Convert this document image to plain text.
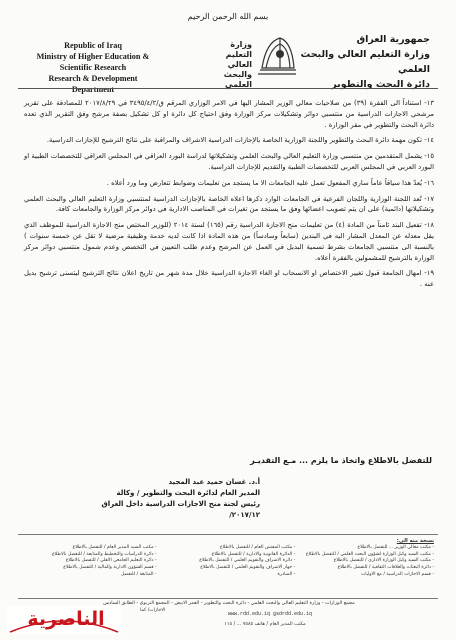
بسم الله الرحمن الرحيم
Republic of Iraq
Ministry of Higher Education &
Scientific Research
Research & Development
Department
جمهورية العراق
وزارة التعليم العالي والبحث العلمي
دائرة البحث والتطوير
وزارة
التعليم العالي
والبحث العلمي

١٣- استناداً الى الفقرة (٣٩) من صلاحيات معالي الوزير المشار اليها في الامر الوزاري المرقم ق/٣٤٩٥/٤/٢ في ٢٠١٧/٨/٢٩ للمصادقة على تقرير مرشحي الاجازات الدراسية من منتسبي دوائر وتشكيلات مركز الوزارة وفق احتياج كل دائرة او كل تشكيل بصفة مرشح وفق التقرير الذي تعده دائرة البحث والتطوير في مقر الوزارة .

١٤- تكون مهمة دائرة البحث والتطوير واللجنة الوزارية الخاصة بالإجازات الدراسية الاشراف والمراقبة على نتائج الترشيح للإجازات الدراسية.

١٥- يشمل المتقدمين من منتسبي وزارة التعليم العالي والبحث العلمي وتشكيلاتها لدراسة البورد العراقي في المجلس العراقي للتخصصات الطبية او البورد العربي في المجلس العربي للتخصصات الطبية والتقديم للإجازات الدراسية.

١٦- يُعدّ هذا سياقاً عاماً ساري المفعول تعمل عليه الجامعات الا ما يستجد من تعليمات وضوابط تتعارض وما ورد أعلاه .

١٧- تُعد اللجنة الوزارية واللجان الفرعية في الجامعات الوارد ذكرها اعلاه الخاصة بالإجازات الدراسية لمنتسبي وزارة التعليم العالي والبحث العلمي وتشكيلاتها (دائمية) على ان يتم تصويب اعضائها وفق ما يستجد من تغيرات في المناصب الادارية في دوائر مركز الوزارة والجامعات كافة.

١٨- تفعيل البند ثامناً من المادة (٤) من تعليمات منح الاجازة الدراسية رقم (١٦٥) لسنة ٢٠١٤ (للوزير المختص منح الاجازة الدراسية للموظف الذي يقل معدله عن المعدل المشار اليه في البندين (سابعاً وسادساً) من هذه المادة اذا كانت لديه خدمة وظيفية مرضية لا تقل عن خمسة سنوات ) بالنسبة الى منتسبي الجامعات بشرط تسمية البديل في العمل عن المرشح وعدم طلب التعيين في التخصص وعدم شمول منتسبي دوائر مركز الوزارة بالترشيح للمشمولين بالفقرة أعلاه.

١٩- امهال الجامعة قبول تغيير الاختصاص او الانسحاب او الغاء الاجازة الدراسية خلال مدة شهر من تاريخ اعلان نتائج الترشيح ليتسنى ترشيح بديل عنه .

للتفضل بالاطلاع واتخاذ ما يلزم ... مـع التقديـر
أ.د. غسان حميد عبد المجيد
المدير العام لدائرة البحث والتطوير / وكالة
رئيس لجنة منح الاجازات الدراسية داخل العراق
٢٠١٧/١٢/
نسخة منه الى:
- مكتب معالي الوزير ... للتفضل بالاطلاع
- مكتب السيد وكيل الوزارة لشؤون البحث العلمي / للتفضل بالاطلاع
- مكتب السيد وكيل الوزارة الاداري / للتفضل بالاطلاع
- دائرة البعثات والعلاقات الثقافية / للتفضل بالاطلاع
- قسم الاجازات الدراسية / مع الاوليات
- مكتب المفتش العام / للتفضل بالاطلاع
- الدائرة القانونية والادارية / للتفضل بالاطلاع
- دائرة الاشراف والتقويم العلمي / للتفضل بالاطلاع
- جهاز الاشراف والتقويم العلمي / للتفضل بالاطلاع
- الصادرة
- مكتب السيد المدير العام / للتفضل بالاطلاع
- دائرة الدراسات والتخطيط والمتابعة / للتفضل بالاطلاع
- دائرة التعليم الجامعي الاهلي / للتفضل بالاطلاع
- قسم الشؤون الادارية والمالية / للتفضل بالاطلاع
- المتابعة / للتفضل
مجمع الوزارات - وزارة التعليم العالي والبحث العلمي - دائرة البحث والتطوير - العمر الابيض - المجمع التربوي - الطابق السادس
www.rdd.edu.iq gsdrdd.edu.iq
مكتب المدير العام / هاتف ٧٥٨٥ ... / ١١٥
الاجازات/ كما
الناصرية
